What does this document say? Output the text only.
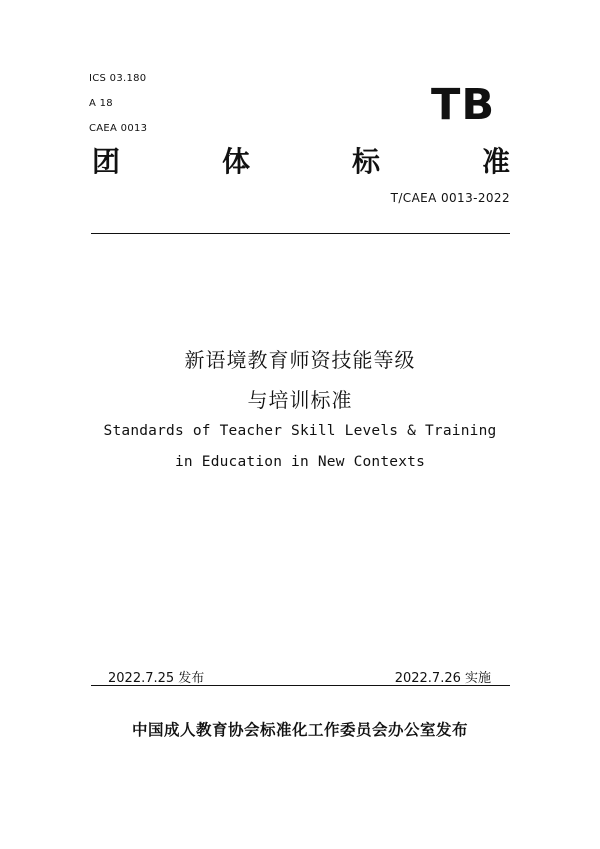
ICS 03.180
A 18
CAEA 0013	TB
团	体	标	准
T/CAEA 0013-2022
新语境教育师资技能等级
与培训标准
Standards of Teacher Skill Levels & Training
in Education in New Contexts
2022.7.25 发布	2022.7.26 实施
中国成人教育协会标准化工作委员会办公室发布
